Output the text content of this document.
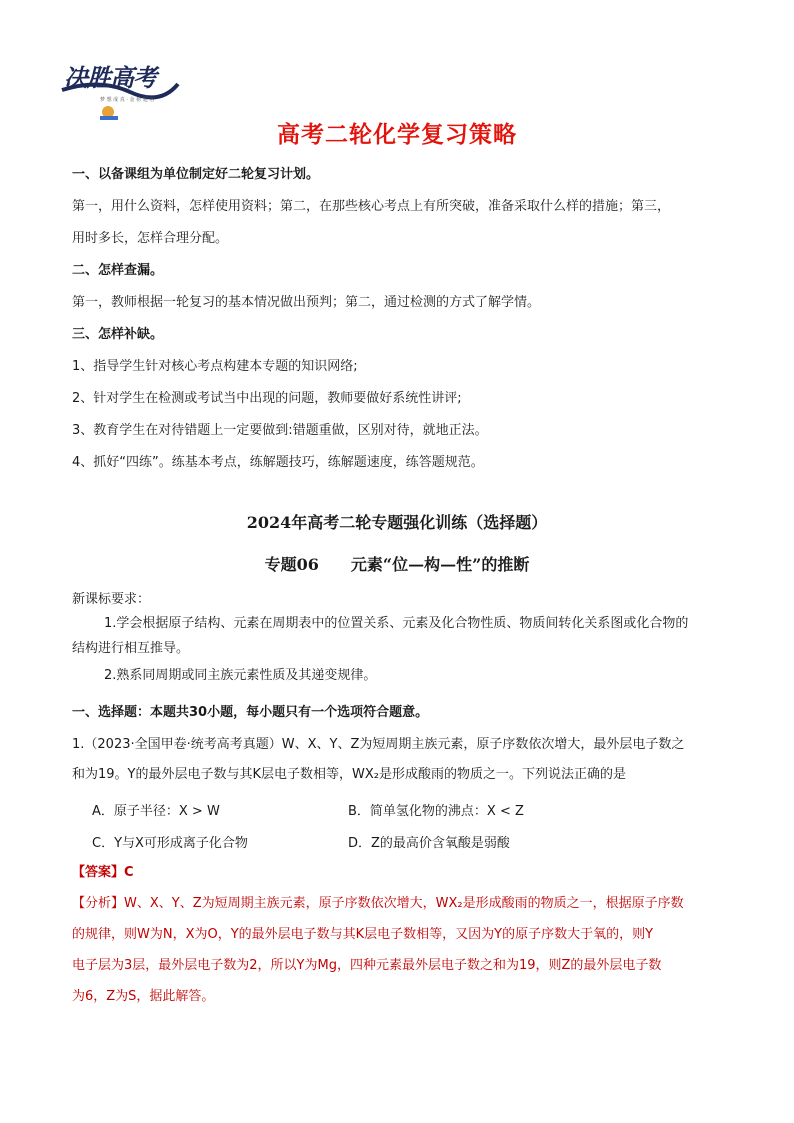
决胜高考
梦 想 成 真 · 金 榜 题 名
高考二轮化学复习策略
一、以备课组为单位制定好二轮复习计划。
第一，用什么资料，怎样使用资料；第二，在那些核心考点上有所突破，准备采取什么样的措施；第三，
用时多长，怎样合理分配。
二、怎样查漏。
第一，教师根据一轮复习的基本情况做出预判；第二，通过检测的方式了解学情。
三、怎样补缺。
1、指导学生针对核心考点构建本专题的知识网络;
2、针对学生在检测或考试当中出现的问题，教师要做好系统性讲评;
3、教育学生在对待错题上一定要做到:错题重做，区别对待，就地正法。
4、抓好“四练”。练基本考点，练解题技巧，练解题速度，练答题规范。
2024年高考二轮专题强化训练（选择题）
专题06　　元素“位—构—性”的推断
新课标要求：
1.学会根据原子结构、元素在周期表中的位置关系、元素及化合物性质、物质间转化关系图或化合物的
结构进行相互推导。
2.熟系同周期或同主族元素性质及其递变规律。
一、选择题：本题共30小题，每小题只有一个选项符合题意。
1.（2023·全国甲卷·统考高考真题）W、X、Y、Z为短周期主族元素，原子序数依次增大，最外层电子数之
和为19。Y的最外层电子数与其K层电子数相等，WX₂是形成酸雨的物质之一。下列说法正确的是
A．原子半径：X > W	B．简单氢化物的沸点：X < Z
C．Y与X可形成离子化合物	D．Z的最高价含氧酸是弱酸
【答案】C
【分析】W、X、Y、Z为短周期主族元素，原子序数依次增大，WX₂是形成酸雨的物质之一，根据原子序数
的规律，则W为N，X为O，Y的最外层电子数与其K层电子数相等，又因为Y的原子序数大于氧的，则Y
电子层为3层，最外层电子数为2，所以Y为Mg，四种元素最外层电子数之和为19，则Z的最外层电子数
为6，Z为S，据此解答。
